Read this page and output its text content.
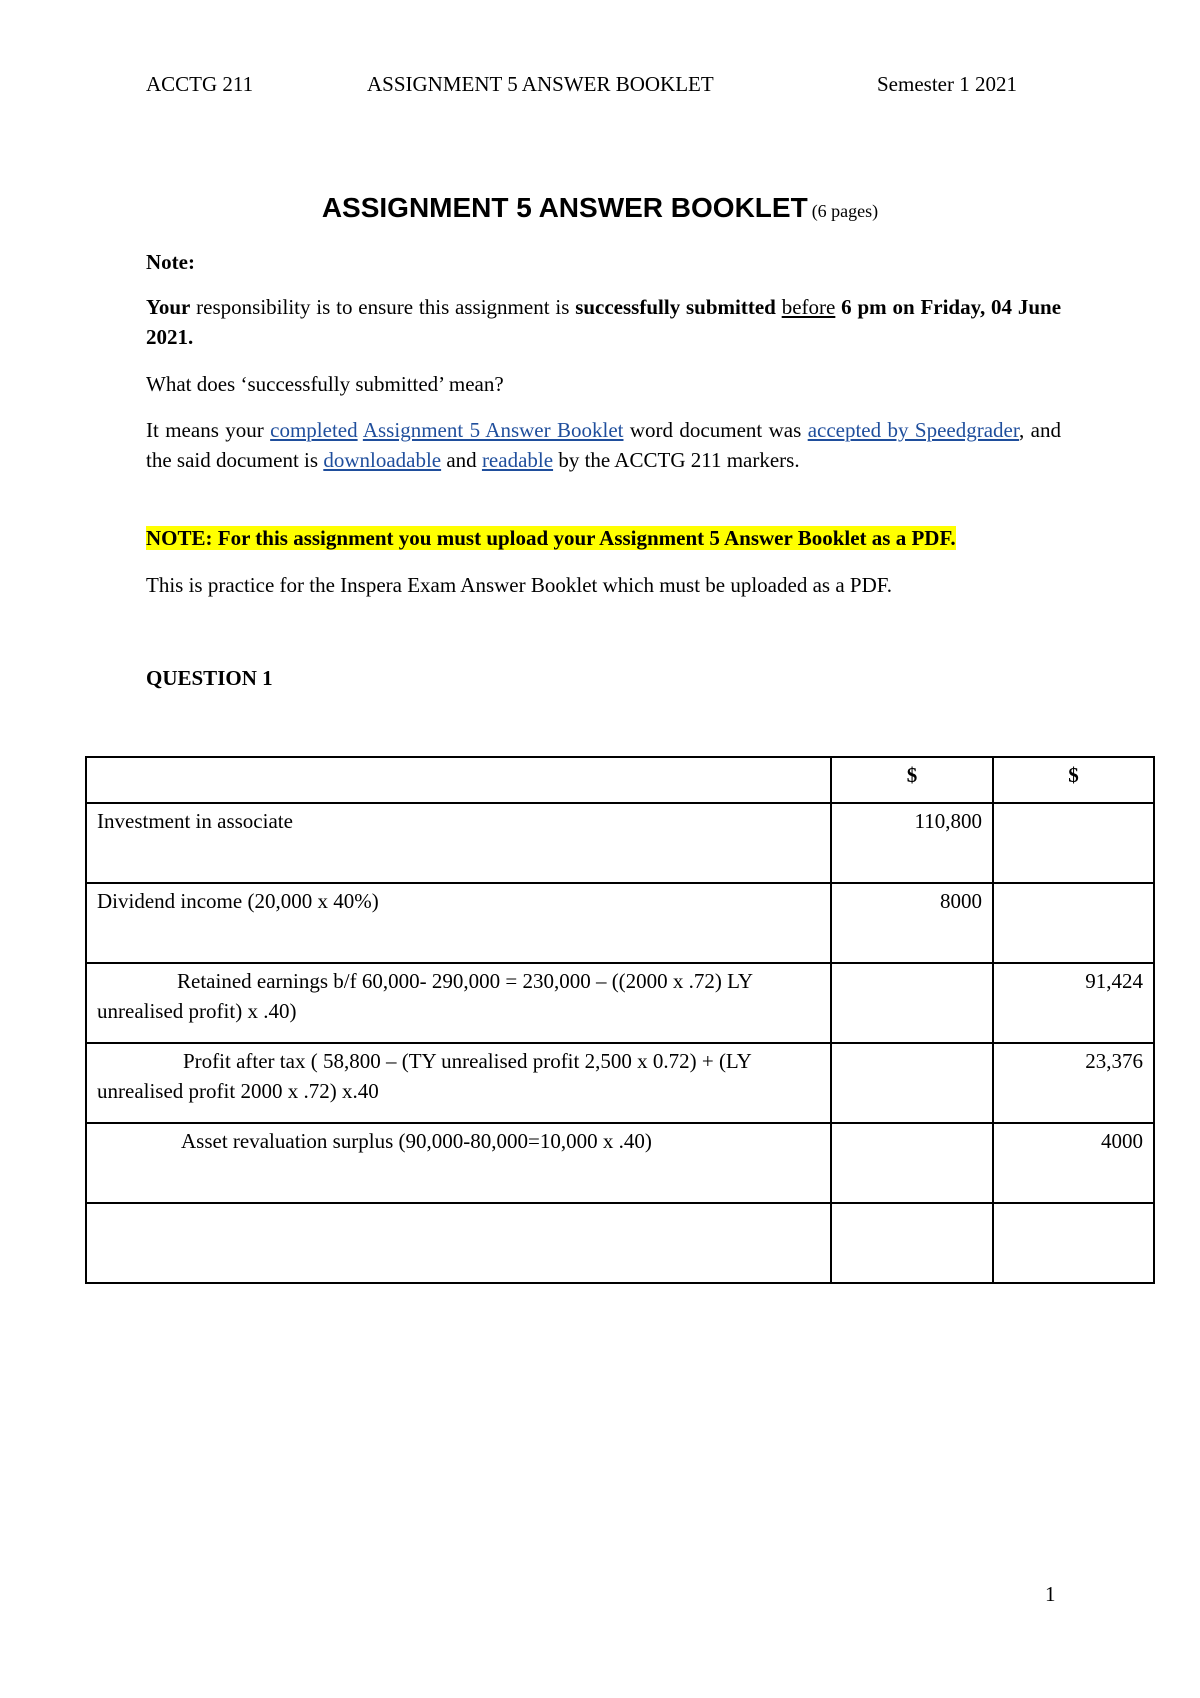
ACCTG 211	ASSIGNMENT 5 ANSWER BOOKLET	Semester 1 2021
ASSIGNMENT 5 ANSWER BOOKLET (6 pages)
Note:
Your responsibility is to ensure this assignment is successfully submitted before 6 pm on Friday, 04 June 2021.
What does ‘successfully submitted’ mean?
It means your completed Assignment 5 Answer Booklet word document was accepted by Speedgrader, and the said document is downloadable and readable by the ACCTG 211 markers.
NOTE: For this assignment you must upload your Assignment 5 Answer Booklet as a PDF.
This is practice for the Inspera Exam Answer Booklet which must be uploaded as a PDF.
QUESTION 1
	$	$
Investment in associate	110,800	
Dividend income (20,000 x 40%)	8000	
Retained earnings b/f 60,000- 290,000 = 230,000 – ((2000 x .72) LY unrealised profit) x .40)		91,424
Profit after tax ( 58,800 – (TY unrealised profit 2,500 x 0.72) + (LY unrealised profit 2000 x .72) x.40		23,376
Asset revaluation surplus (90,000-80,000=10,000 x .40)		4000

1
